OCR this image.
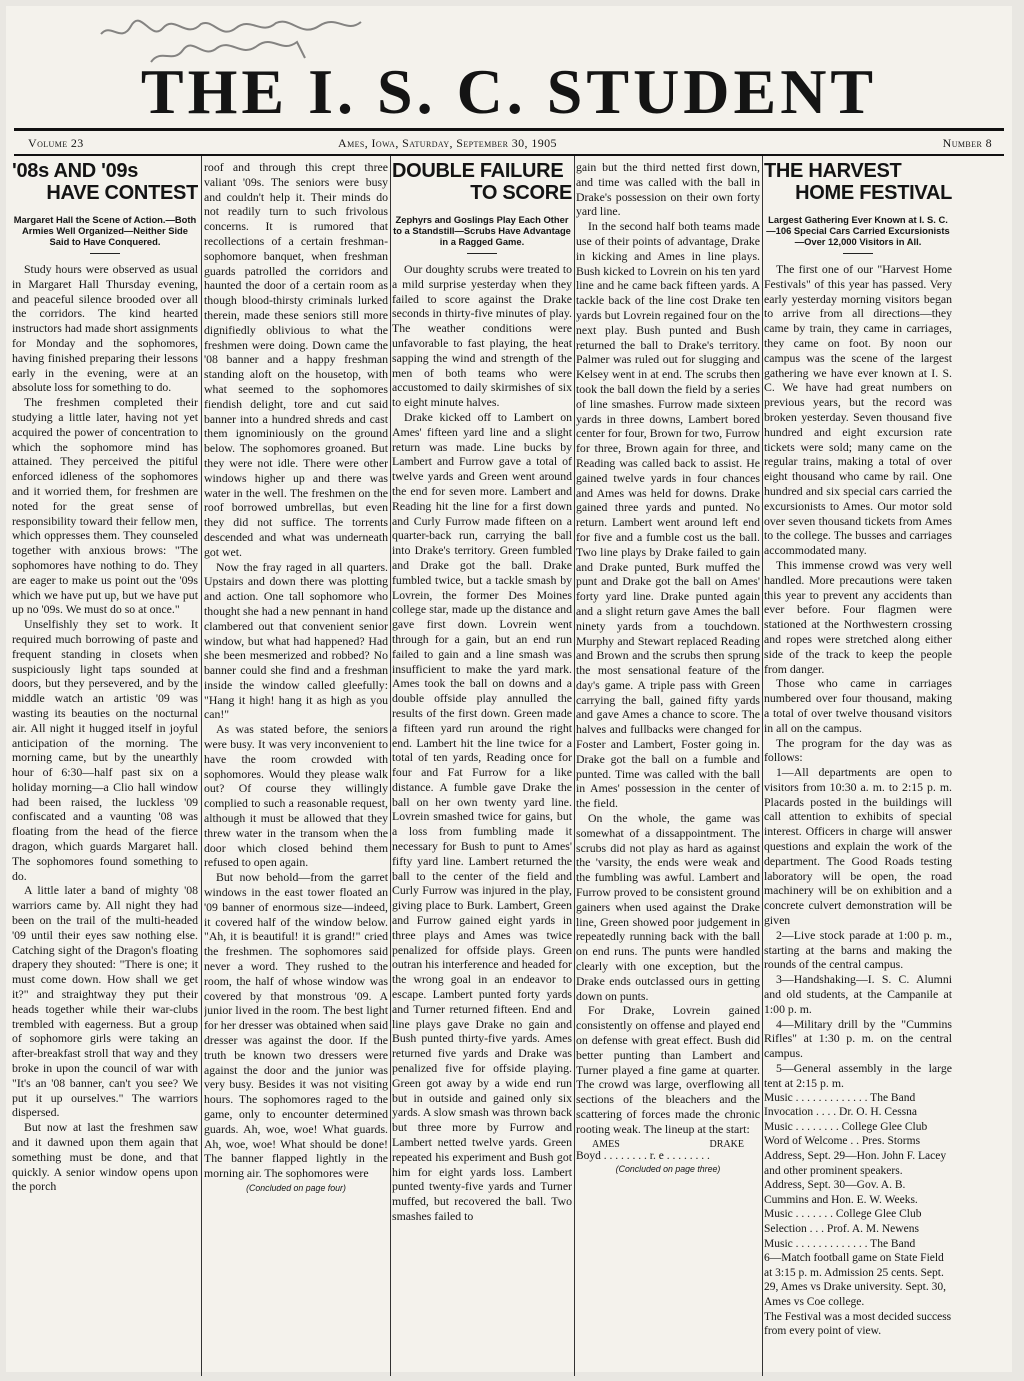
THE I. S. C. STUDENT
Volume 23	Ames, Iowa, Saturday, September 30, 1905	Number 8
'08s AND '09s
HAVE CONTEST
Margaret Hall the Scene of Action.—Both Armies Well Organized—Neither Side Said to Have Conquered.

Study hours were observed as usual in Margaret Hall Thursday evening, and peaceful silence brooded over all the corridors. The kind hearted instructors had made short assignments for Monday and the sophomores, having finished preparing their lessons early in the evening, were at an absolute loss for something to do.

The freshmen completed their studying a little later, having not yet acquired the power of concentration to which the sophomore mind has attained. They perceived the pitiful enforced idleness of the sophomores and it worried them, for freshmen are noted for the great sense of responsibility toward their fellow men, which oppresses them. They counseled together with anxious brows: "The sophomores have nothing to do. They are eager to make us point out the '09s which we have put up, but we have put up no '09s. We must do so at once."

Unselfishly they set to work. It required much borrowing of paste and frequent standing in closets when suspiciously light taps sounded at doors, but they persevered, and by the middle watch an artistic '09 was wasting its beauties on the nocturnal air. All night it hugged itself in joyful anticipation of the morning. The morning came, but by the unearthly hour of 6:30—half past six on a holiday morning—a Clio hall window had been raised, the luckless '09 confiscated and a vaunting '08 was floating from the head of the fierce dragon, which guards Margaret hall. The sophomores found something to do.

A little later a band of mighty '08 warriors came by. All night they had been on the trail of the multi-headed '09 until their eyes saw nothing else. Catching sight of the Dragon's floating drapery they shouted: "There is one; it must come down. How shall we get it?" and straightway they put their heads together while their war-clubs trembled with eagerness. But a group of sophomore girls were taking an after-breakfast stroll that way and they broke in upon the council of war with "It's an '08 banner, can't you see? We put it up ourselves." The warriors dispersed.

But now at last the freshmen saw and it dawned upon them again that something must be done, and that quickly. A senior window opens upon the porch

roof and through this crept three valiant '09s. The seniors were busy and couldn't help it. Their minds do not readily turn to such frivolous concerns. It is rumored that recollections of a certain freshman-sophomore banquet, when freshman guards patrolled the corridors and haunted the door of a certain room as though blood-thirsty criminals lurked therein, made these seniors still more dignifiedly oblivious to what the freshmen were doing. Down came the '08 banner and a happy freshman standing aloft on the housetop, with what seemed to the sophomores fiendish delight, tore and cut said banner into a hundred shreds and cast them ignominiously on the ground below. The sophomores groaned. But they were not idle. There were other windows higher up and there was water in the well. The freshmen on the roof borrowed umbrellas, but even they did not suffice. The torrents descended and what was underneath got wet.

Now the fray raged in all quarters. Upstairs and down there was plotting and action. One tall sophomore who thought she had a new pennant in hand clambered out that convenient senior window, but what had happened? Had she been mesmerized and robbed? No banner could she find and a freshman inside the window called gleefully: "Hang it high! hang it as high as you can!"

As was stated before, the seniors were busy. It was very inconvenient to have the room crowded with sophomores. Would they please walk out? Of course they willingly complied to such a reasonable request, although it must be allowed that they threw water in the transom when the door which closed behind them refused to open again.

But now behold—from the garret windows in the east tower floated an '09 banner of enormous size—indeed, it covered half of the window below. "Ah, it is beautiful! it is grand!" cried the freshmen. The sophomores said never a word. They rushed to the room, the half of whose window was covered by that monstrous '09. A junior lived in the room. The best light for her dresser was obtained when said dresser was against the door. If the truth be known two dressers were against the door and the junior was very busy. Besides it was not visiting hours. The sophomores raged to the game, only to encounter determined guards. Ah, woe, woe! What guards. Ah, woe, woe! What should be done! The banner flapped lightly in the morning air. The sophomores were

(Concluded on page four)
DOUBLE FAILURE
TO SCORE
Zephyrs and Goslings Play Each Other to a Standstill—Scrubs Have Advantage in a Ragged Game.

Our doughty scrubs were treated to a mild surprise yesterday when they failed to score against the Drake seconds in thirty-five minutes of play. The weather conditions were unfavorable to fast playing, the heat sapping the wind and strength of the men of both teams who were accustomed to daily skirmishes of six to eight minute halves.

Drake kicked off to Lambert on Ames' fifteen yard line and a slight return was made. Line bucks by Lambert and Furrow gave a total of twelve yards and Green went around the end for seven more. Lambert and Reading hit the line for a first down and Curly Furrow made fifteen on a quarter-back run, carrying the ball into Drake's territory. Green fumbled and Drake got the ball. Drake fumbled twice, but a tackle smash by Lovrein, the former Des Moines college star, made up the distance and gave first down. Lovrein went through for a gain, but an end run failed to gain and a line smash was insufficient to make the yard mark. Ames took the ball on downs and a double offside play annulled the results of the first down. Green made a fifteen yard run around the right end. Lambert hit the line twice for a total of ten yards, Reading once for four and Fat Furrow for a like distance. A fumble gave Drake the ball on her own twenty yard line. Lovrein smashed twice for gains, but a loss from fumbling made it necessary for Bush to punt to Ames' fifty yard line. Lambert returned the ball to the center of the field and Curly Furrow was injured in the play, giving place to Burk. Lambert, Green and Furrow gained eight yards in three plays and Ames was twice penalized for offside plays. Green outran his interference and headed for the wrong goal in an endeavor to escape. Lambert punted forty yards and Turner returned fifteen. End and line plays gave Drake no gain and Bush punted thirty-five yards. Ames returned five yards and Drake was penalized five for offside playing. Green got away by a wide end run but in outside and gained only six yards. A slow smash was thrown back but three more by Furrow and Lambert netted twelve yards. Green repeated his experiment and Bush got him for eight yards loss. Lambert punted twenty-five yards and Turner muffed, but recovered the ball. Two smashes failed to

gain but the third netted first down, and time was called with the ball in Drake's possession on their own forty yard line.

In the second half both teams made use of their points of advantage, Drake in kicking and Ames in line plays. Bush kicked to Lovrein on his ten yard line and he came back fifteen yards. A tackle back of the line cost Drake ten yards but Lovrein regained four on the next play. Bush punted and Bush returned the ball to Drake's territory. Palmer was ruled out for slugging and Kelsey went in at end. The scrubs then took the ball down the field by a series of line smashes. Furrow made sixteen yards in three downs, Lambert bored center for four, Brown for two, Furrow for three, Brown again for three, and Reading was called back to assist. He gained twelve yards in four chances and Ames was held for downs. Drake gained three yards and punted. No return. Lambert went around left end for five and a fumble cost us the ball. Two line plays by Drake failed to gain and Drake punted, Burk muffed the punt and Drake got the ball on Ames' forty yard line. Drake punted again and a slight return gave Ames the ball ninety yards from a touchdown. Murphy and Stewart replaced Reading and Brown and the scrubs then sprung the most sensational feature of the day's game. A triple pass with Green carrying the ball, gained fifty yards and gave Ames a chance to score. The halves and fullbacks were changed for Foster and Lambert, Foster going in. Drake got the ball on a fumble and punted. Time was called with the ball in Ames' possession in the center of the field.

On the whole, the game was somewhat of a dissappointment. The scrubs did not play as hard as against the 'varsity, the ends were weak and the fumbling was awful. Lambert and Furrow proved to be consistent ground gainers when used against the Drake line, Green showed poor judgement in repeatedly running back with the ball on end runs. The punts were handled clearly with one exception, but the Drake ends outclassed ours in getting down on punts.

For Drake, Lovrein gained consistently on offense and played end on defense with great effect. Bush did better punting than Lambert and Turner played a fine game at quarter. The crowd was large, overflowing all sections of the bleachers and the scattering of forces made the chronic rooting weak. The lineup at the start:

AMES	DRAKE
Boyd . . . . . . . . r. e . . . . . . . .
(Concluded on page three)
THE HARVEST
HOME FESTIVAL
Largest Gathering Ever Known at I. S. C. —106 Special Cars Carried Excursionists —Over 12,000 Visitors in All.

The first one of our "Harvest Home Festivals" of this year has passed. Very early yesterday morning visitors began to arrive from all directions—they came by train, they came in carriages, they came on foot. By noon our campus was the scene of the largest gathering we have ever known at I. S. C. We have had great numbers on previous years, but the record was broken yesterday. Seven thousand five hundred and eight excursion rate tickets were sold; many came on the regular trains, making a total of over eight thousand who came by rail. One hundred and six special cars carried the excursionists to Ames. Our motor sold over seven thousand tickets from Ames to the college. The busses and carriages accommodated many.

This immense crowd was very well handled. More precautions were taken this year to prevent any accidents than ever before. Four flagmen were stationed at the Northwestern crossing and ropes were stretched along either side of the track to keep the people from danger.

Those who came in carriages numbered over four thousand, making a total of over twelve thousand visitors in all on the campus.

The program for the day was as follows:

1—All departments are open to visitors from 10:30 a. m. to 2:15 p. m. Placards posted in the buildings will call attention to exhibits of special interest. Officers in charge will answer questions and explain the work of the department. The Good Roads testing laboratory will be open, the road machinery will be on exhibition and a concrete culvert demonstration will be given

2—Live stock parade at 1:00 p. m., starting at the barns and making the rounds of the central campus.

3—Handshaking—I. S. C. Alumni and old students, at the Campanile at 1:00 p. m.

4—Military drill by the "Cummins Rifles" at 1:30 p. m. on the central campus.

5—General assembly in the large tent at 2:15 p. m.

Music . . . . . . . . . . . . . The Band
Invocation . . . . Dr. O. H. Cessna
Music . . . . . . . . College Glee Club
Word of Welcome . . Pres. Storms
Address, Sept. 29—Hon. John F. Lacey and other prominent speakers.
Address, Sept. 30—Gov. A. B. Cummins and Hon. E. W. Weeks.
Music . . . . . . . College Glee Club
Selection . . . Prof. A. M. Newens
Music . . . . . . . . . . . . . The Band
6—Match football game on State Field at 3:15 p. m. Admission 25 cents. Sept. 29, Ames vs Drake university. Sept. 30, Ames vs Coe college.
The Festival was a most decided success from every point of view.
